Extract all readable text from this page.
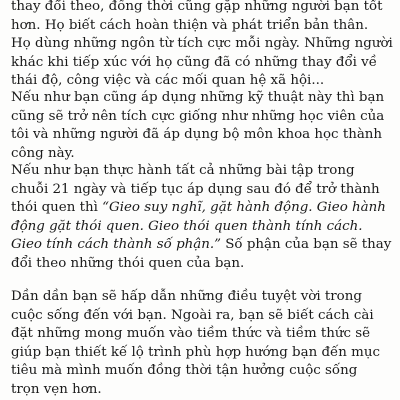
thay đổi theo, đồng thời cũng gặp những người bạn tốt
hơn. Họ biết cách hoàn thiện và phát triển bản thân.
Họ dùng những ngôn từ tích cực mỗi ngày. Những người
khác khi tiếp xúc với họ cũng đã có những thay đổi về
thái độ, công việc và các mối quan hệ xã hội...
Nếu như bạn cũng áp dụng những kỹ thuật này thì bạn
cũng sẽ trở nên tích cực giống như những học viên của
tôi và những người đã áp dụng bộ môn khoa học thành
công này.
Nếu như bạn thực hành tất cả những bài tập trong
chuỗi 21 ngày và tiếp tục áp dụng sau đó để trở thành
thói quen thì “Gieo suy nghĩ, gặt hành động. Gieo hành
động gặt thói quen. Gieo thói quen thành tính cách.
Gieo tính cách thành số phận.” Số phận của bạn sẽ thay
đổi theo những thói quen của bạn.
Dần dần bạn sẽ hấp dẫn những điều tuyệt vời trong
cuộc sống đến với bạn. Ngoài ra, bạn sẽ biết cách cài
đặt những mong muốn vào tiềm thức và tiềm thức sẽ
giúp bạn thiết kế lộ trình phù hợp hướng bạn đến mục
tiêu mà mình muốn đồng thời tận hưởng cuộc sống
trọn vẹn hơn.
